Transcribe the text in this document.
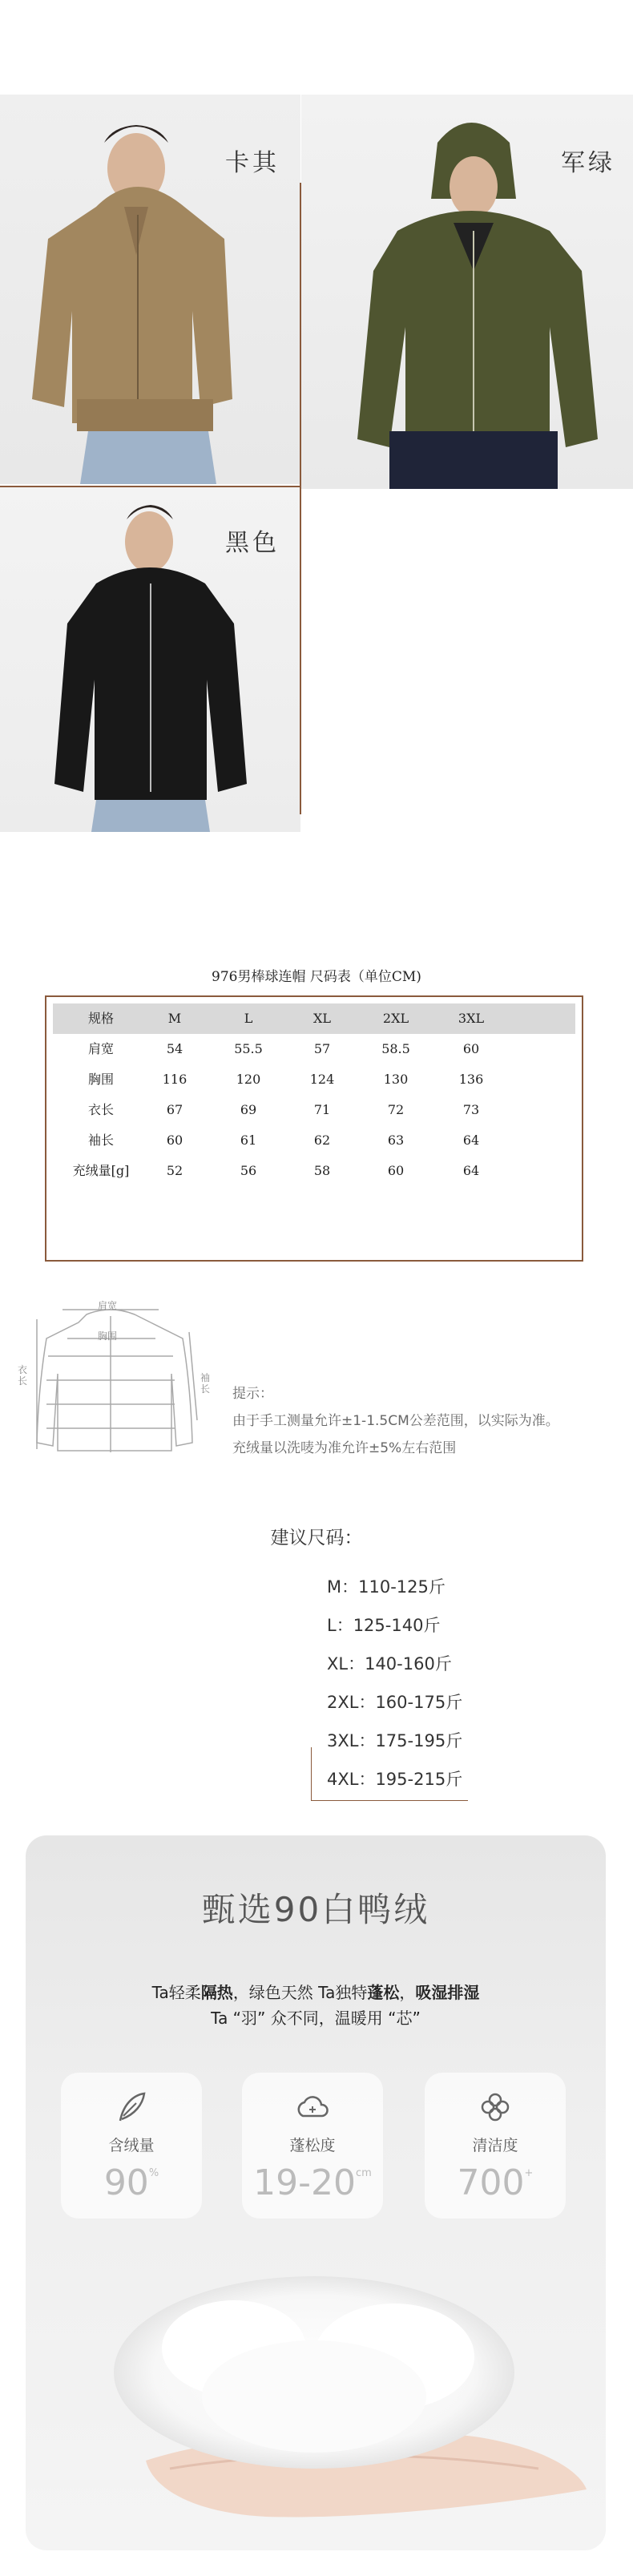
卡其	军绿
黑色
976男棒球连帽 尺码表（单位CM)
规格	M	L	XL	2XL	3XL
肩宽	54	55.5	57	58.5	60
胸围	116	120	124	130	136
衣长	67	69	71	72	73
袖长	60	61	62	63	64
充绒量[g]	52	56	58	60	64
肩宽
胸围
衣长	袖长 提示：
由于手工测量允许±1-1.5CM公差范围，以实际为准。
充绒量以洗唛为准允许±5%左右范围
建议尺码：
M：110-125斤
L：125-140斤
XL：140-160斤
2XL：160-175斤
3XL：175-195斤
4XL：195-215斤
甄选90白鸭绒
Ta轻柔隔热，绿色天然 Ta独特蓬松，吸湿排湿
Ta “羽” 众不同，温暖用 “芯”
含绒量
90%
蓬松度
$19-20^{cm}$
清洁度
700+
